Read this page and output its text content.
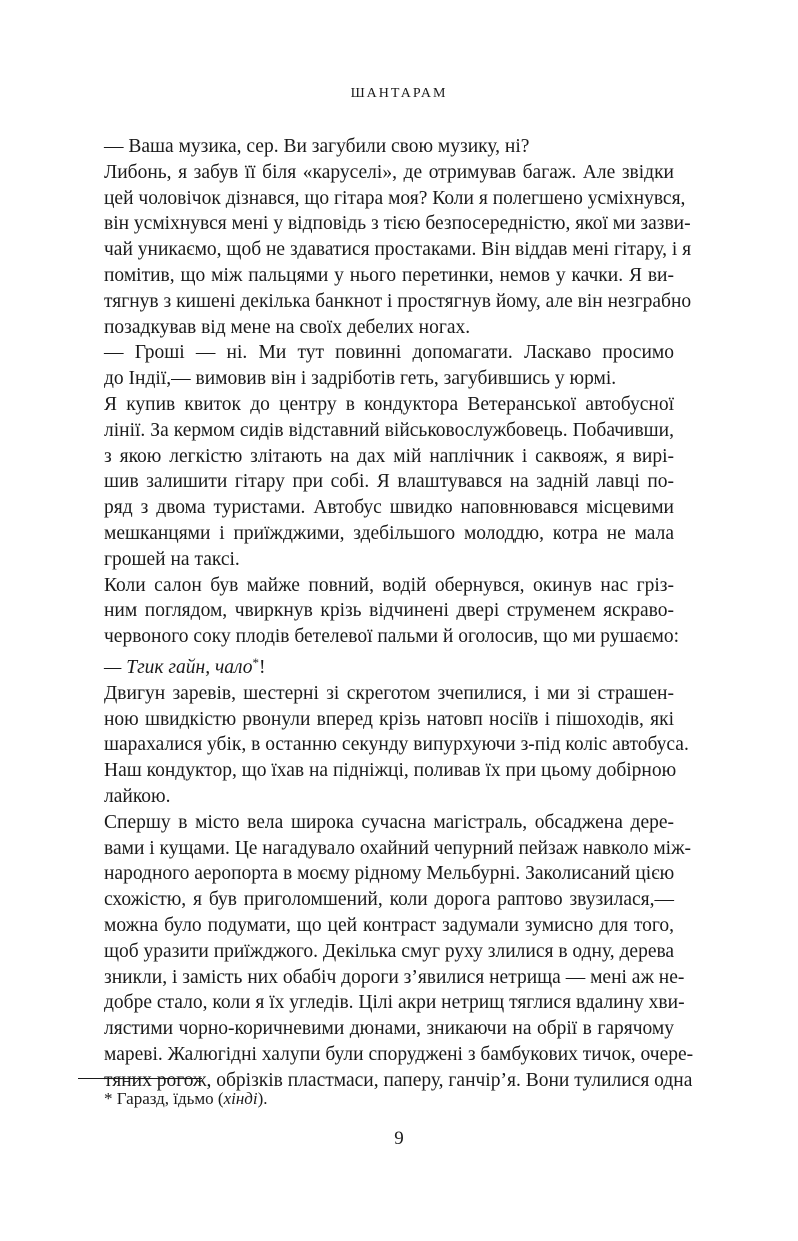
ШАНТАРАМ
— Ваша музика, сер. Ви загубили свою музику, ні?
Либонь, я забув її біля «каруселі», де отримував багаж. Але звідки
цей чоловічок дізнався, що гітара моя? Коли я полегшено усміхнувся,
він усміхнувся мені у відповідь з тією безпосередністю, якої ми зазви-
чай уникаємо, щоб не здаватися простаками. Він віддав мені гітару, і я
помітив, що між пальцями у нього перетинки, немов у качки. Я ви-
тягнув з кишені декілька банкнот і простягнув йому, але він незграбно
позадкував від мене на своїх дебелих ногах.
— Гроші — ні. Ми тут повинні допомагати. Ласкаво просимо
до Індії,— вимовив він і задріботів геть, загубившись у юрмі.
Я купив квиток до центру в кондуктора Ветеранської автобусної
лінії. За кермом сидів відставний військовослужбовець. Побачивши,
з якою легкістю злітають на дах мій наплічник і саквояж, я вирі-
шив залишити гітару при собі. Я влаштувався на задній лавці по-
ряд з двома туристами. Автобус швидко наповнювався місцевими
мешканцями і приїжджими, здебільшого молоддю, котра не мала
грошей на таксі.
Коли салон був майже повний, водій обернувся, окинув нас грiз-
ним поглядом, чвиркнув крізь відчинені двері струменем яскраво-
червоного соку плодів бетелевої пальми й оголосив, що ми рушаємо:
— Тгик гайн, чало*!
Двигун заревів, шестерні зі скреготом зчепилися, і ми зі страшен-
ною швидкістю рвонули вперед крізь натовп носіїв і пішоходів, які
шарахалися убік, в останню секунду випурхуючи з-під коліс автобуса.
Наш кондуктор, що їхав на підніжці, поливав їх при цьому добірною
лайкою.
Спершу в місто вела широка сучасна магістраль, обсаджена дере-
вами і кущами. Це нагадувало охайний чепурний пейзаж навколо між-
народного аеропорта в моєму рідному Мельбурні. Заколисаний цією
схожістю, я був приголомшений, коли дорога раптово звузилася,—
можна було подумати, що цей контраст задумали зумисно для того,
щоб уразити приїжджого. Декілька смуг руху злилися в одну, дерева
зникли, і замість них обабіч дороги з’явилися нетрища — мені аж не-
добре стало, коли я їх угледів. Цілі акри нетрищ тяглися вдалину хви-
лястими чорно-коричневими дюнами, зникаючи на обрії в гарячому
мареві. Жалюгідні халупи були споруджені з бамбукових тичок, очере-
тяних рогож, обрізків пластмаси, паперу, ганчір’я. Вони тулилися одна
* Гаразд, їдьмо (хінді).
9
